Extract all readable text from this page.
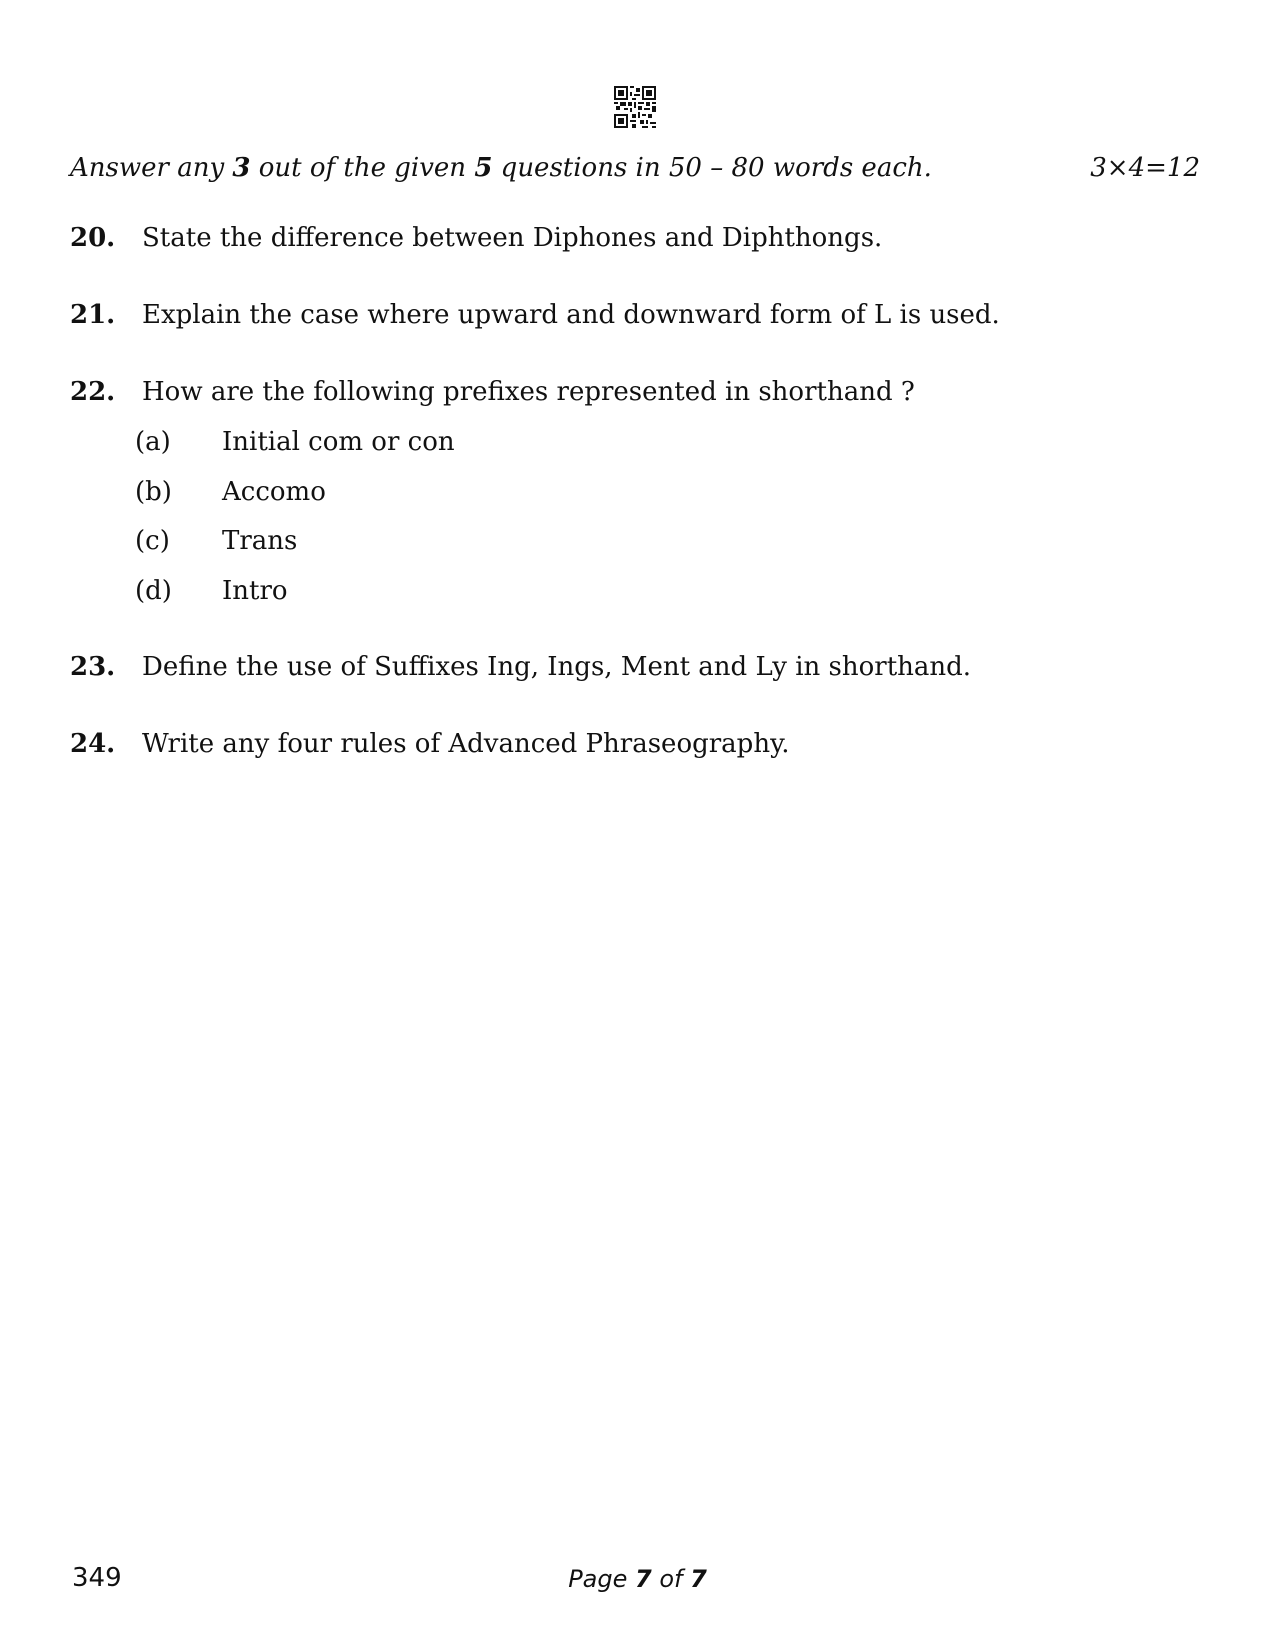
Answer any 3 out of the given 5 questions in 50 – 80 words each.	3×4=12
20. State the difference between Diphones and Diphthongs.
21. Explain the case where upward and downward form of L is used.
22. How are the following prefixes represented in shorthand ?
(a) Initial com or con
(b) Accomo
(c) Trans
(d) Intro
23. Define the use of Suffixes Ing, Ings, Ment and Ly in shorthand.
24. Write any four rules of Advanced Phraseography.
349	Page 7 of 7
